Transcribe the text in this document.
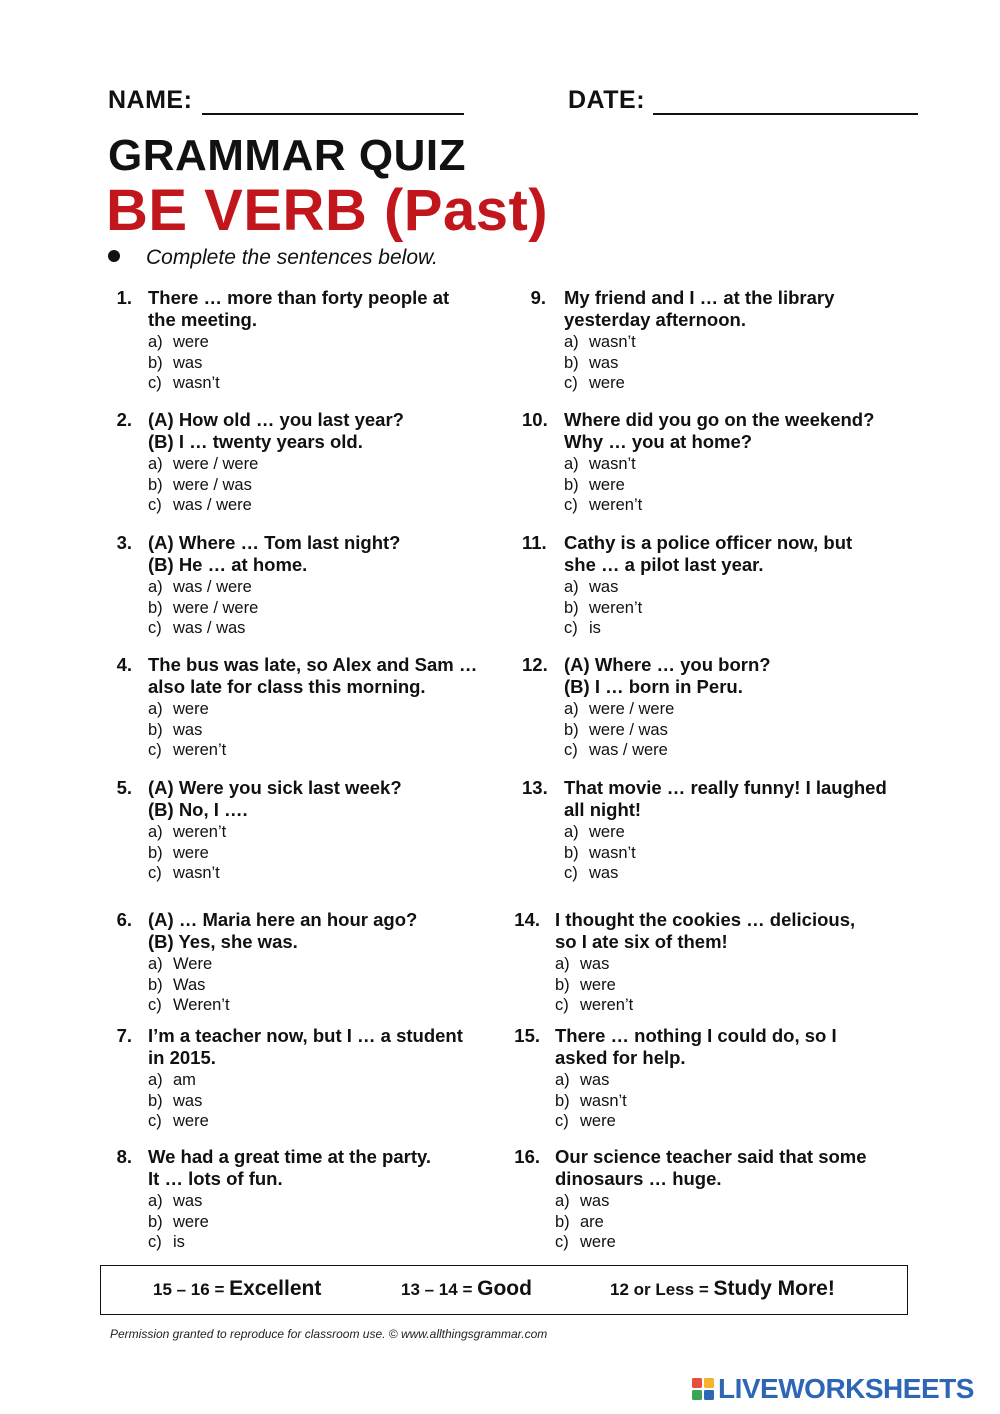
NAME:	DATE:
GRAMMAR QUIZ
BE VERB (Past)
Complete the sentences below.
1. There … more than forty people at
the meeting.
a) were
b) was
c) wasn’t
2. (A) How old … you last year?
(B) I … twenty years old.
a) were / were
b) were / was
c) was / were
3. (A) Where … Tom last night?
(B) He … at home.
a) was / were
b) were / were
c) was / was
4. The bus was late, so Alex and Sam …
also late for class this morning.
a) were
b) was
c) weren’t
5. (A) Were you sick last week?
(B) No, I ….
a) weren’t
b) were
c) wasn’t
6. (A) … Maria here an hour ago?
(B) Yes, she was.
a) Were
b) Was
c) Weren’t
7. I’m a teacher now, but I … a student
in 2015.
a) am
b) was
c) were
8. We had a great time at the party.
It … lots of fun.
a) was
b) were
c) is
9. My friend and I … at the library
yesterday afternoon.
a) wasn’t
b) was
c) were
10. Where did you go on the weekend?
Why … you at home?
a) wasn’t
b) were
c) weren’t
11. Cathy is a police officer now, but
she … a pilot last year.
a) was
b) weren’t
c) is
12. (A) Where … you born?
(B) I … born in Peru.
a) were / were
b) were / was
c) was / were
13. That movie … really funny! I laughed
all night!
a) were
b) wasn’t
c) was
14. I thought the cookies … delicious,
so I ate six of them!
a) was
b) were
c) weren’t
15. There … nothing I could do, so I
asked for help.
a) was
b) wasn’t
c) were
16. Our science teacher said that some
dinosaurs … huge.
a) was
b) are
c) were
15 – 16 = Excellent	13 – 14 = Good	12 or Less = Study More!
Permission granted to reproduce for classroom use. © www.allthingsgrammar.com
LIVEWORKSHEETS
